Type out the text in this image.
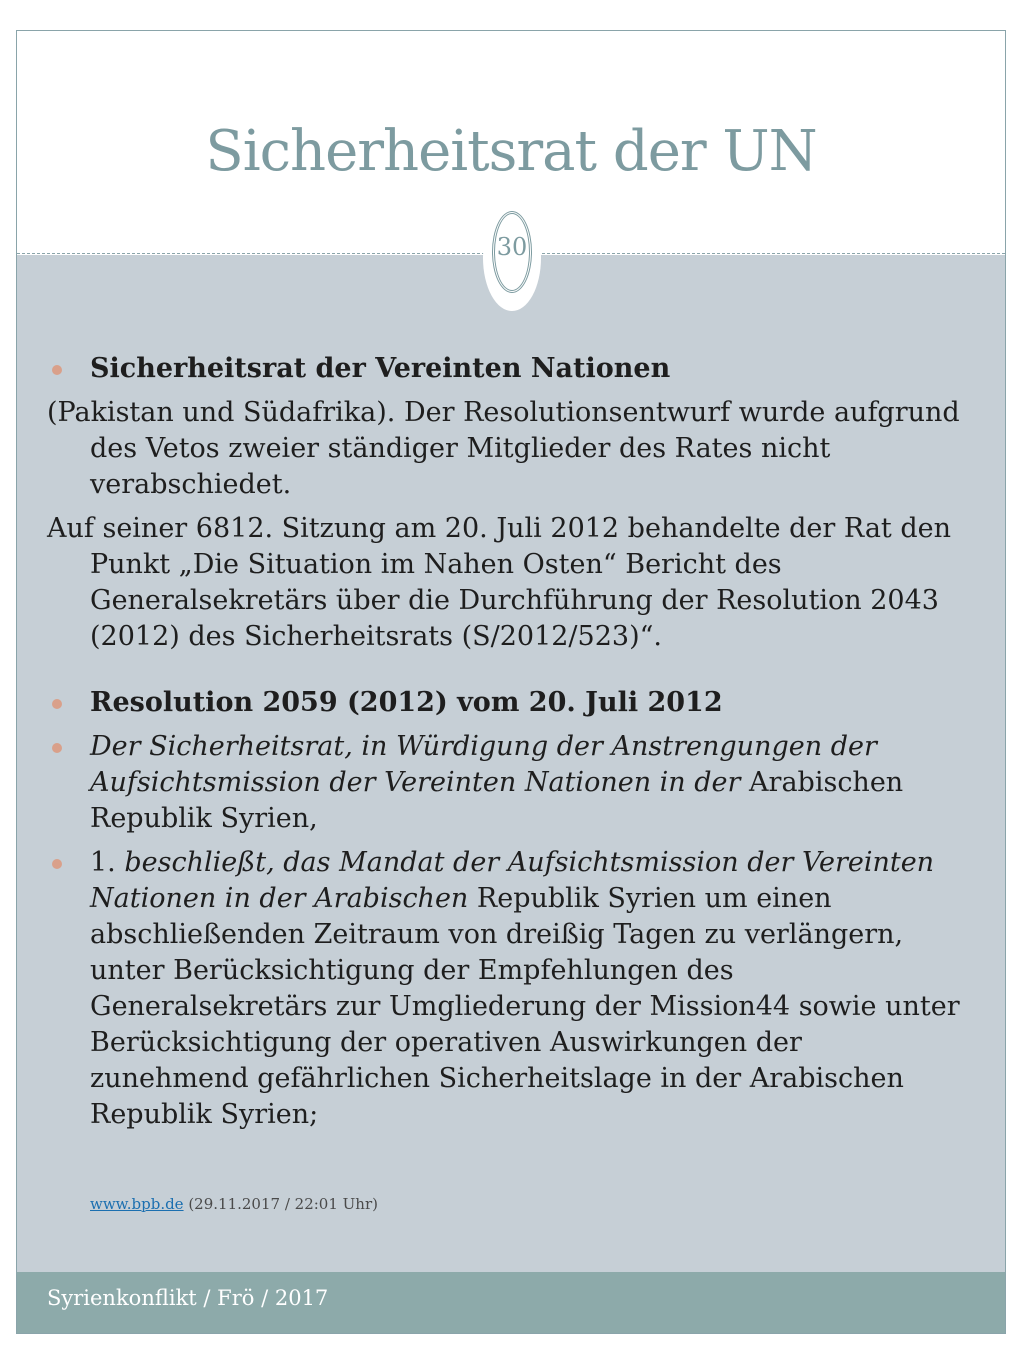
Sicherheitsrat der UN
30
Sicherheitsrat der Vereinten Nationen
(Pakistan und Südafrika). Der Resolutionsentwurf wurde aufgrund des Vetos zweier ständiger Mitglieder des Rates nicht verabschiedet.
Auf seiner 6812. Sitzung am 20. Juli 2012 behandelte der Rat den Punkt „Die Situation im Nahen Osten“ Bericht des Generalsekretärs über die Durchführung der Resolution 2043 (2012) des Sicherheitsrats (S/2012/523)“.
Resolution 2059 (2012) vom 20. Juli 2012
Der Sicherheitsrat, in Würdigung der Anstrengungen der Aufsichtsmission der Vereinten Nationen in der Arabischen Republik Syrien,
1. beschließt, das Mandat der Aufsichtsmission der Vereinten Nationen in der Arabischen Republik Syrien um einen abschließenden Zeitraum von dreißig Tagen zu verlängern, unter Berücksichtigung der Empfehlungen des Generalsekretärs zur Umgliederung der Mission44 sowie unter Berücksichtigung der operativen Auswirkungen der zunehmend gefährlichen Sicherheitslage in der Arabischen Republik Syrien;
www.bpb.de (29.11.2017 / 22:01 Uhr)
Syrienkonflikt / Frö / 2017
